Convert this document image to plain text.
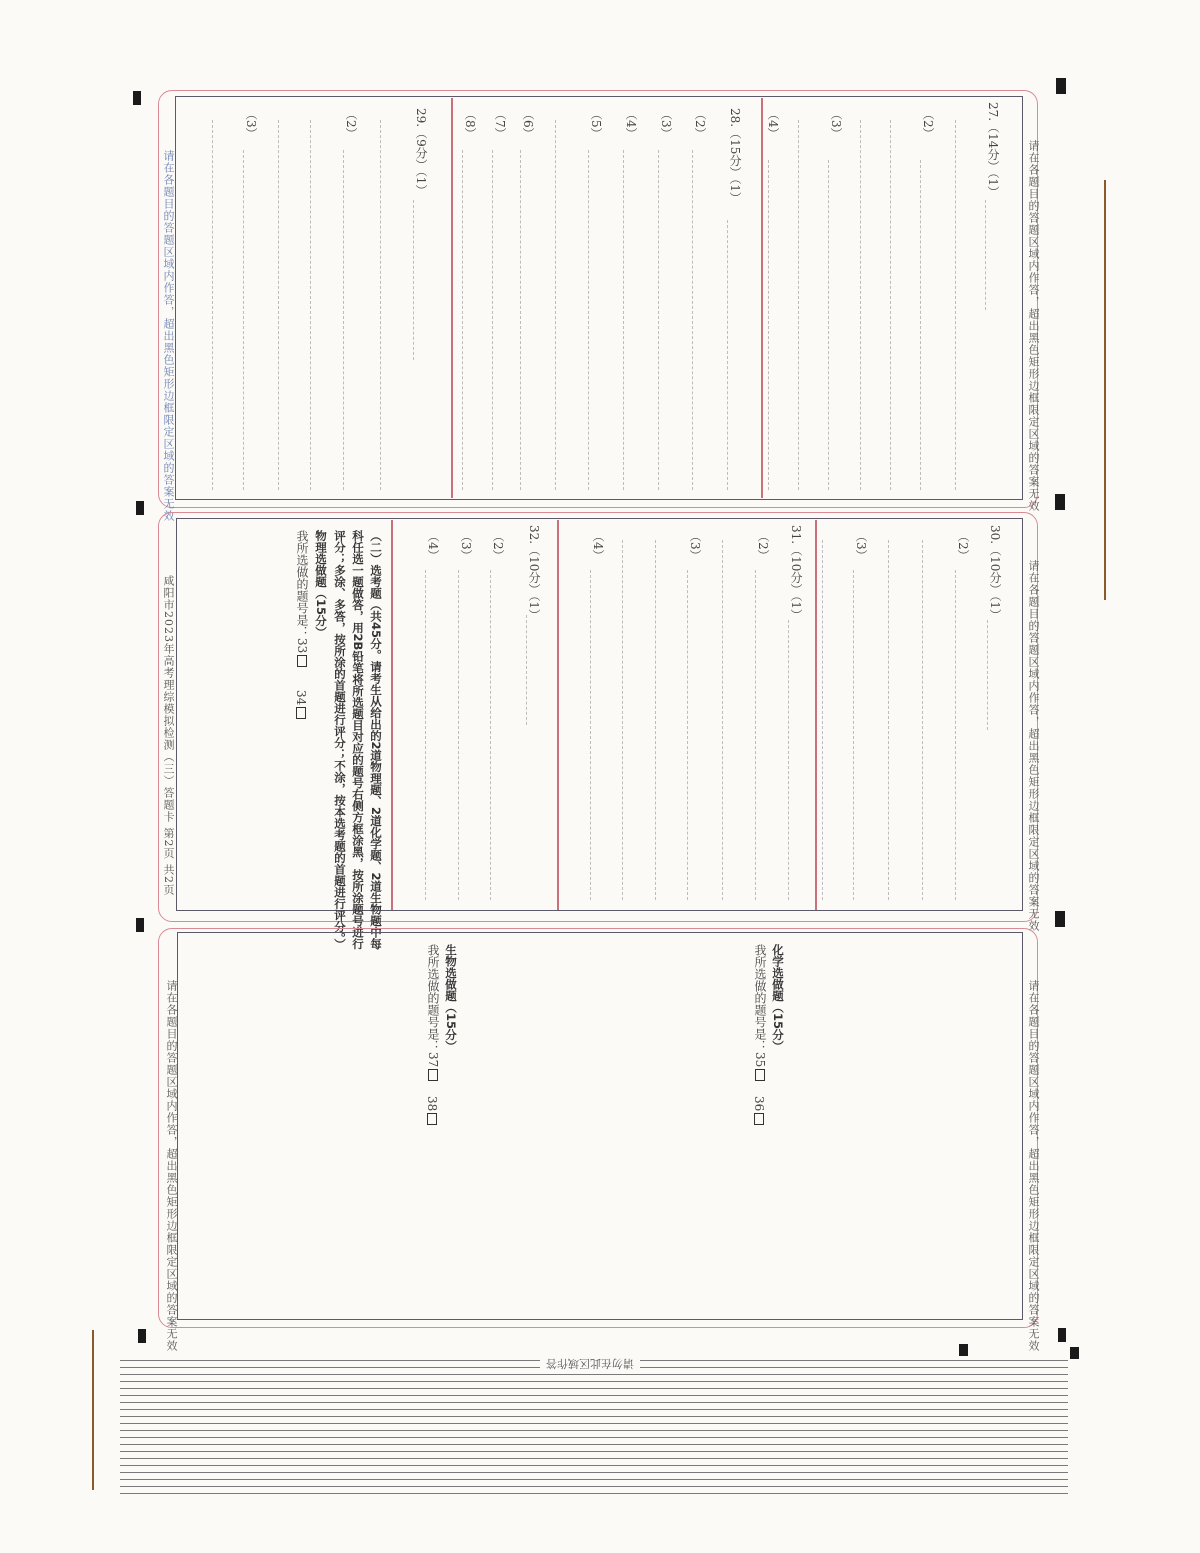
请在各题目的答题区域内作答，超出黑色矩形边框限定区域的答案无效
请在各题目的答题区域内作答，超出黑色矩形边框限定区域的答案无效	27.（14分）（1）
（2）
（3）
（4）
28.（15分）（1）
（2）
（3）
（4）
（5）
（6）
（7）
（8）
29.（9分）（1）
（2）
（3）
请在各题目的答题区域内作答，超出黑色矩形边框限定区域的答案无效
咸阳市2023年高考理综模拟检测（三）答题卡 第2页 共2页
30.（10分）（1）
（2）
（3）
31.（10分）（1）
（2）
（3）
（4）
32.（10分）（1）
（2）
（3）
（4）
（二）选考题（共45分。请考生从给出的2道物理题、2道化学题、2道生物题中每
科任选一题做答，用2B铅笔将所选题目对应的题号右侧方框涂黑，按所涂题号进行
评分；多涂、多答，按所涂的首题进行评分；不涂，按本选考题的首题进行评分。）
物理选做题（15分）
我所选做的题号是：33
34
请在各题目的答题区域内作答，超出黑色矩形边框限定区域的答案无效
请在各题目的答题区域内作答，超出黑色矩形边框限定区域的答案无效	化学选做题（15分）
我所选做的题号是：35
36
生物选做题（15分）
我所选做的题号是：37
38
请勿在此区域作答
